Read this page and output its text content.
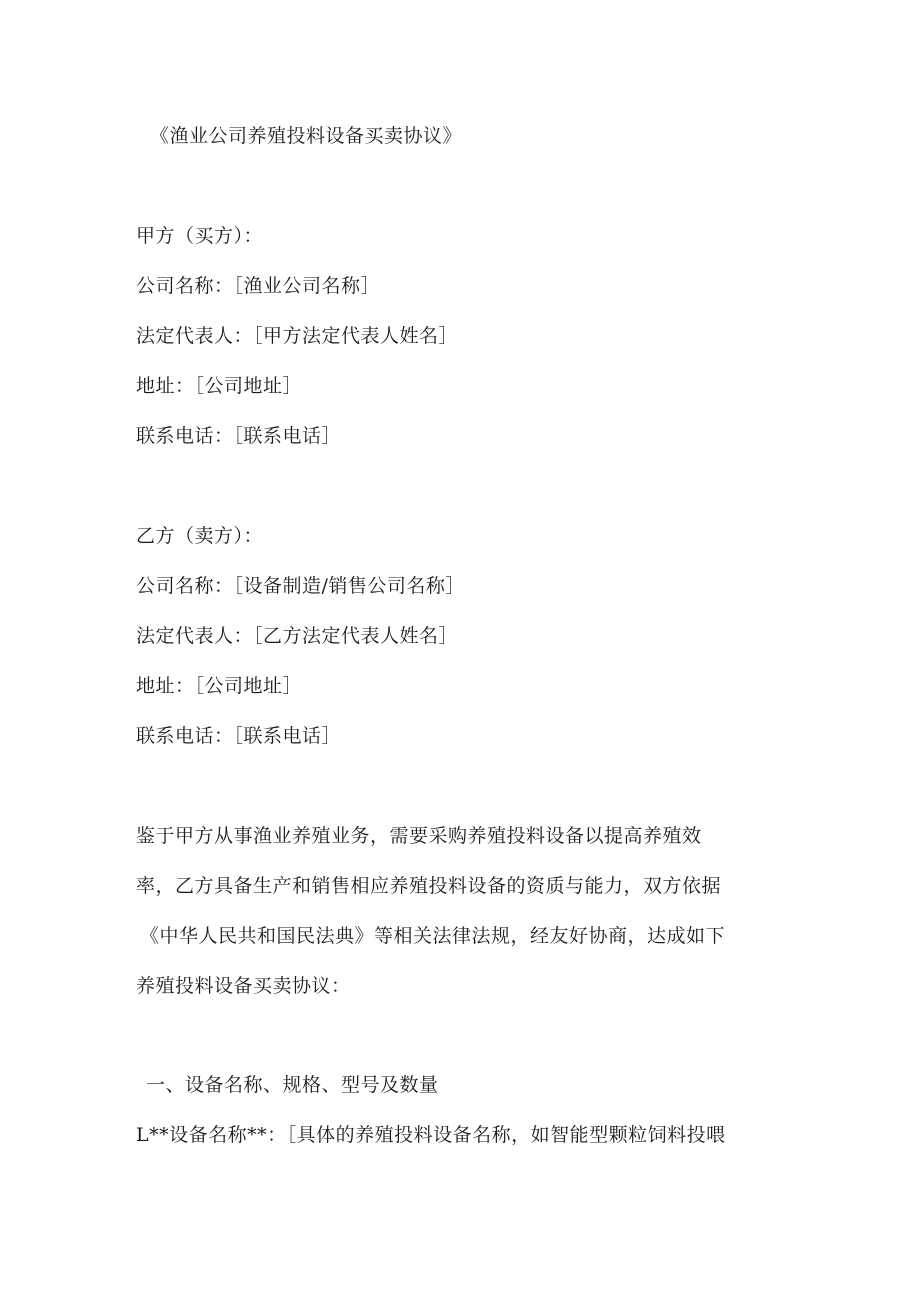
《渔业公司养殖投料设备买卖协议》
甲方（买方）：
公司名称：［渔业公司名称］
法定代表人：［甲方法定代表人姓名］
地址：［公司地址］
联系电话：［联系电话］
乙方（卖方）：
公司名称：［设备制造/销售公司名称］
法定代表人：［乙方法定代表人姓名］
地址：［公司地址］
联系电话：［联系电话］
鉴于甲方从事渔业养殖业务，需要采购养殖投料设备以提高养殖效
率，乙方具备生产和销售相应养殖投料设备的资质与能力，双方依据
《中华人民共和国民法典》等相关法律法规，经友好协商，达成如下
养殖投料设备买卖协议：
一、设备名称、规格、型号及数量
L**设备名称**：［具体的养殖投料设备名称，如智能型颗粒饲料投喂
